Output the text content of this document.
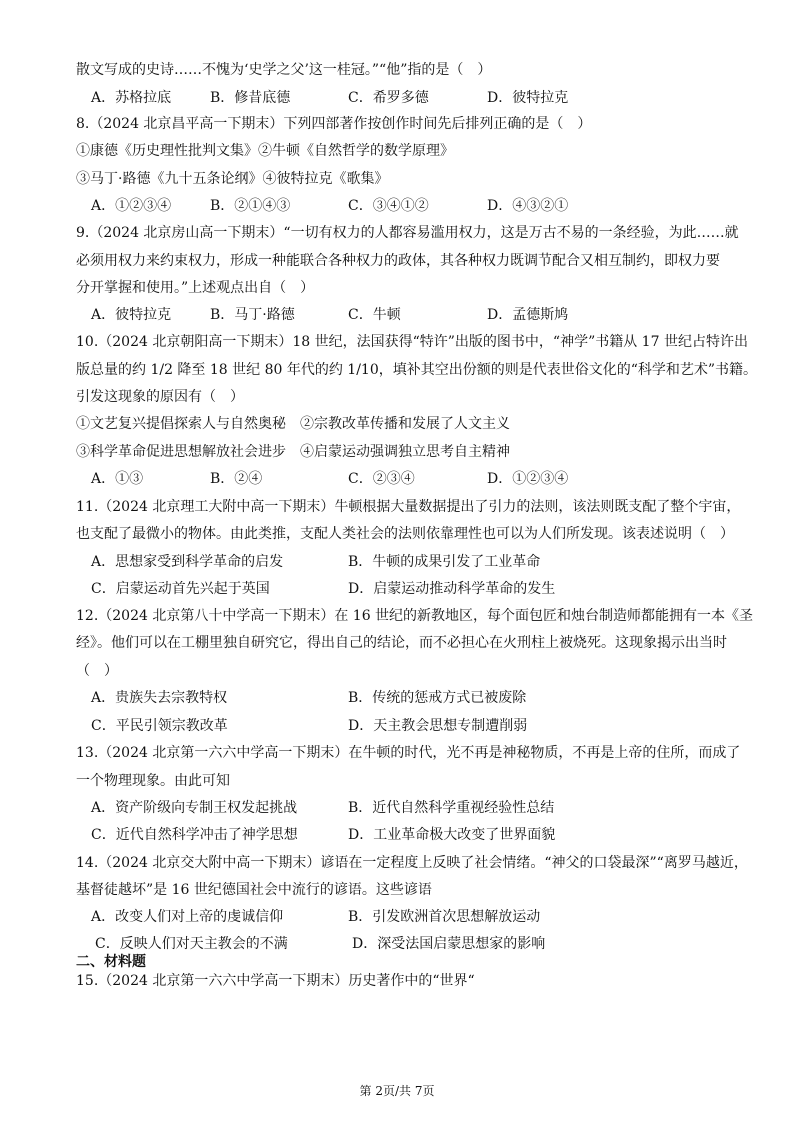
散文写成的史诗……不愧为‘史学之父’这一桂冠。”“他”指的是（　）
A．苏格拉底	B．修昔底德	C．希罗多德	D．彼特拉克
8.（2024 北京昌平高一下期末）下列四部著作按创作时间先后排列正确的是（　）
①康德《历史理性批判文集》②牛顿《自然哲学的数学原理》
③马丁·路德《九十五条论纲》④彼特拉克《歌集》
A．①②③④	B．②①④③	C．③④①②	D．④③②①
9.（2024 北京房山高一下期末）“一切有权力的人都容易滥用权力，这是万古不易的一条经验，为此……就
必须用权力来约束权力，形成一种能联合各种权力的政体，其各种权力既调节配合又相互制约，即权力要
分开掌握和使用。”上述观点出自（　）
A．彼特拉克	B．马丁·路德	C．牛顿	D．孟德斯鸠
10.（2024 北京朝阳高一下期末）18 世纪，法国获得“特许”出版的图书中，“神学”书籍从 17 世纪占特许出
版总量的约 1/2 降至 18 世纪 80 年代的约 1/10，填补其空出份额的则是代表世俗文化的“科学和艺术”书籍。
引发这现象的原因有（　）
①文艺复兴提倡探索人与自然奥秘　②宗教改革传播和发展了人文主义
③科学革命促进思想解放社会进步　④启蒙运动强调独立思考自主精神
A．①③	B．②④	C．②③④	D．①②③④
11.（2024 北京理工大附中高一下期末）牛顿根据大量数据提出了引力的法则，该法则既支配了整个宇宙，
也支配了最微小的物体。由此类推，支配人类社会的法则依靠理性也可以为人们所发现。该表述说明（　）
A．思想家受到科学革命的启发	B．牛顿的成果引发了工业革命
C．启蒙运动首先兴起于英国	D．启蒙运动推动科学革命的发生
12.（2024 北京第八十中学高一下期末）在 16 世纪的新教地区，每个面包匠和烛台制造师都能拥有一本《圣
经》。他们可以在工棚里独自研究它，得出自己的结论，而不必担心在火刑柱上被烧死。这现象揭示出当时
（　）
A．贵族失去宗教特权	B．传统的惩戒方式已被废除
C．平民引领宗教改革	D．天主教会思想专制遭削弱
13.（2024 北京第一六六中学高一下期末）在牛顿的时代，光不再是神秘物质，不再是上帝的住所，而成了
一个物理现象。由此可知
A．资产阶级向专制王权发起挑战	B．近代自然科学重视经验性总结
C．近代自然科学冲击了神学思想	D．工业革命极大改变了世界面貌
14.（2024 北京交大附中高一下期末）谚语在一定程度上反映了社会情绪。“神父的口袋最深”“离罗马越近，
基督徒越坏”是 16 世纪德国社会中流行的谚语。这些谚语
A．改变人们对上帝的虔诚信仰	B．引发欧洲首次思想解放运动
C．反映人们对天主教会的不满	D．深受法国启蒙思想家的影响
二、材料题
15.（2024 北京第一六六中学高一下期末）历史著作中的“世界“
第 2页/共 7页
